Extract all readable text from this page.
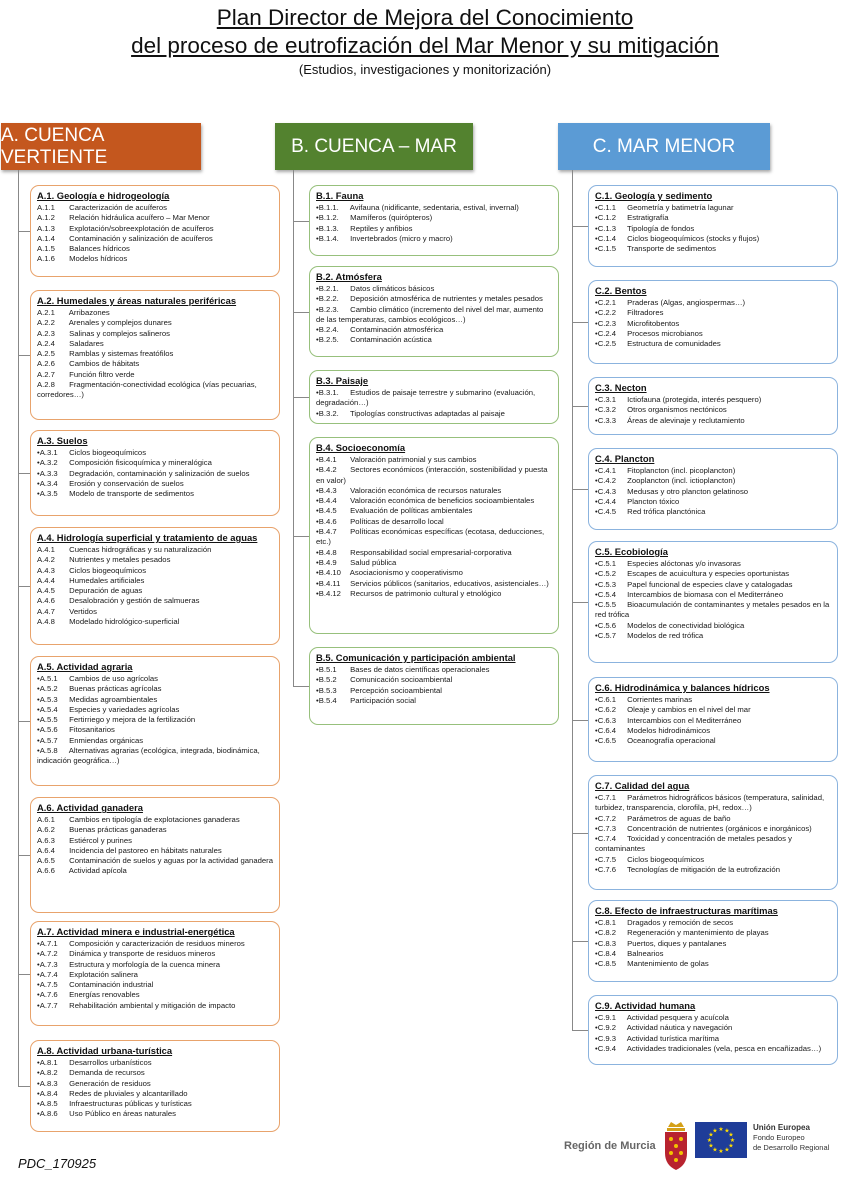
Plan Director de Mejora del Conocimiento
del proceso de eutrofización del Mar Menor y su mitigación
(Estudios, investigaciones y monitorización)
A. CUENCA VERTIENTE
B. CUENCA – MAR	C. MAR MENOR
A.1. Geología e hidrogeología
A.1.1 Caracterización de acuíferos
A.1.2 Relación hidráulica acuífero – Mar Menor
A.1.3 Explotación/sobreexplotación de acuíferos
A.1.4 Contaminación y salinización de acuíferos
A.1.5 Balances hídricos
A.1.6 Modelos hídricos
A.2. Humedales y áreas naturales periféricas
A.2.1 Arribazones
A.2.2 Arenales y complejos dunares
A.2.3 Salinas y complejos salineros
A.2.4 Saladares
A.2.5 Ramblas y sistemas freatófilos
A.2.6 Cambios de hábitats
A.2.7 Función filtro verde
A.2.8 Fragmentación-conectividad ecológica (vías pecuarias, corredores…)
A.3. Suelos
•A.3.1 Ciclos biogeoquímicos
•A.3.2 Composición fisicoquímica y mineralógica
•A.3.3 Degradación, contaminación y salinización de suelos
•A.3.4 Erosión y conservación de suelos
•A.3.5 Modelo de transporte de sedimentos
A.4. Hidrología superficial y tratamiento de aguas
A.4.1 Cuencas hidrográficas y su naturalización
A.4.2 Nutrientes y metales pesados
A.4.3 Ciclos biogeoquímicos
A.4.4 Humedales artificiales
A.4.5 Depuración de aguas
A.4.6 Desalobración y gestión de salmueras
A.4.7 Vertidos
A.4.8 Modelado hidrológico-superficial
A.5. Actividad agraria
•A.5.1 Cambios de uso agrícolas
•A.5.2 Buenas prácticas agrícolas
•A.5.3 Medidas agroambientales
•A.5.4 Especies y variedades agrícolas
•A.5.5 Fertirriego y mejora de la fertilización
•A.5.6 Fitosanitarios
•A.5.7 Enmiendas orgánicas
•A.5.8 Alternativas agrarias (ecológica, integrada, biodinámica, indicación geográfica…)
A.6. Actividad ganadera
A.6.1 Cambios en tipología de explotaciones ganaderas
A.6.2 Buenas prácticas ganaderas
A.6.3 Estiércol y purines
A.6.4 Incidencia del pastoreo en hábitats naturales
A.6.5 Contaminación de suelos y aguas por la actividad ganadera
A.6.6 Actividad apícola
A.7. Actividad minera e industrial-energética
•A.7.1 Composición y caracterización de residuos mineros
•A.7.2 Dinámica y transporte de residuos mineros
•A.7.3 Estructura y morfología de la cuenca minera
•A.7.4 Explotación salinera
•A.7.5 Contaminación industrial
•A.7.6 Energías renovables
•A.7.7 Rehabilitación ambiental y mitigación de impacto
A.8. Actividad urbana-turística
•A.8.1 Desarrollos urbanísticos
•A.8.2 Demanda de recursos
•A.8.3 Generación de residuos
•A.8.4 Redes de pluviales y alcantarillado
•A.8.5 Infraestructuras públicas y turísticas
•A.8.6 Uso Público en áreas naturales
B.1. Fauna
•B.1.1. Avifauna (nidificante, sedentaria, estival, invernal)
•B.1.2. Mamíferos (quirópteros)
•B.1.3. Reptiles y anfibios
•B.1.4. Invertebrados (micro y macro)
B.2. Atmósfera
•B.2.1. Datos climáticos básicos
•B.2.2. Deposición atmosférica de nutrientes y metales pesados
•B.2.3. Cambio climático (incremento del nivel del mar, aumento de las temperaturas, cambios ecológicos…)
•B.2.4. Contaminación atmosférica
•B.2.5. Contaminación acústica
B.3. Paisaje
•B.3.1. Estudios de paisaje terrestre y submarino (evaluación, degradación…)
•B.3.2. Tipologías constructivas adaptadas al paisaje
B.4. Socioeconomía
•B.4.1 Valoración patrimonial y sus cambios
•B.4.2 Sectores económicos (interacción, sostenibilidad y puesta en valor)
•B.4.3 Valoración económica de recursos naturales
•B.4.4 Valoración económica de beneficios socioambientales
•B.4.5 Evaluación de políticas ambientales
•B.4.6 Políticas de desarrollo local
•B.4.7 Políticas económicas específicas (ecotasa, deducciones, etc.)
•B.4.8 Responsabilidad social empresarial-corporativa
•B.4.9 Salud pública
•B.4.10 Asociacionismo y cooperativismo
•B.4.11 Servicios públicos (sanitarios, educativos, asistenciales…)
•B.4.12 Recursos de patrimonio cultural y etnológico
B.5. Comunicación y participación ambiental
•B.5.1 Bases de datos científicas operacionales
•B.5.2 Comunicación socioambiental
•B.5.3 Percepción socioambiental
•B.5.4 Participación social
C.1. Geología y sedimento
•C.1.1 Geometría y batimetría lagunar
•C.1.2 Estratigrafía
•C.1.3 Tipología de fondos
•C.1.4 Ciclos biogeoquímicos (stocks y flujos)
•C.1.5 Transporte de sedimentos
C.2. Bentos
•C.2.1 Praderas (Algas, angiospermas…)
•C.2.2 Filtradores
•C.2.3 Microfitobentos
•C.2.4 Procesos microbianos
•C.2.5 Estructura de comunidades
C.3. Necton
•C.3.1 Ictiofauna (protegida, interés pesquero)
•C.3.2 Otros organismos nectónicos
•C.3.3 Áreas de alevinaje y reclutamiento
C.4. Plancton
•C.4.1 Fitoplancton (incl. picoplancton)
•C.4.2 Zooplancton (incl. ictioplancton)
•C.4.3 Medusas y otro plancton gelatinoso
•C.4.4 Plancton tóxico
•C.4.5 Red trófica planctónica
C.5. Ecobiología
•C.5.1 Especies alóctonas y/o invasoras
•C.5.2 Escapes de acuicultura y especies oportunistas
•C.5.3 Papel funcional de especies clave y catalogadas
•C.5.4 Intercambios de biomasa con el Mediterráneo
•C.5.5 Bioacumulación de contaminantes y metales pesados en la red trófica
•C.5.6 Modelos de conectividad biológica
•C.5.7 Modelos de red trófica
C.6. Hidrodinámica y balances hídricos
•C.6.1 Corrientes marinas
•C.6.2 Oleaje y cambios en el nivel del mar
•C.6.3 Intercambios con el Mediterráneo
•C.6.4 Modelos hidrodinámicos
•C.6.5 Oceanografía operacional
C.7. Calidad del agua
•C.7.1 Parámetros hidrográficos básicos (temperatura, salinidad, turbidez, transparencia, clorofila, pH, redox…)
•C.7.2 Parámetros de aguas de baño
•C.7.3 Concentración de nutrientes (orgánicos e inorgánicos)
•C.7.4 Toxicidad y concentración de metales pesados y contaminantes
•C.7.5 Ciclos biogeoquímicos
•C.7.6 Tecnologías de mitigación de la eutrofización
C.8. Efecto de infraestructuras marítimas
•C.8.1 Dragados y remoción de secos
•C.8.2 Regeneración y mantenimiento de playas
•C.8.3 Puertos, diques y pantalanes
•C.8.4 Balnearios
•C.8.5 Mantenimiento de golas
C.9. Actividad humana
•C.9.1 Actividad pesquera y acuícola
•C.9.2 Actividad náutica y navegación
•C.9.3 Actividad turística marítima
•C.9.4 Actividades tradicionales (vela, pesca en encañizadas…)
PDC_170925
Región de Murcia
★ ★
★
★
★
★
★
★
★
★
★
★	Unión Europea
Fondo Europeo
de Desarrollo Regional
